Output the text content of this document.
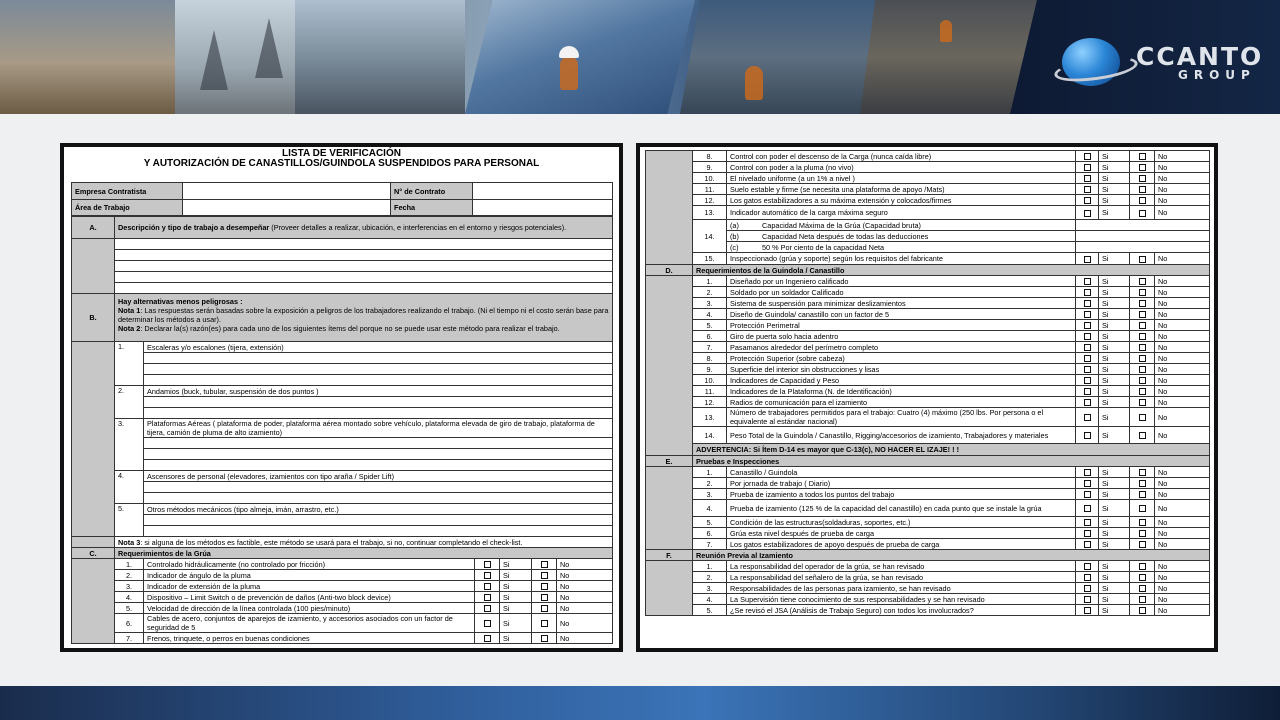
CCANTO
GROUP
LISTA DE VERIFICACIÓN
Y AUTORIZACIÓN DE CANASTILLOS/GUINDOLA SUSPENDIDOS PARA PERSONAL
Empresa Contratista		N° de Contrato	
Área de Trabajo		Fecha	
A.	Descripción y tipo de trabajo a desempeñar (Proveer detalles a realizar, ubicación, e interferencias en el entorno y riesgos potenciales).					

B.	Hay alternativas menos peligrosas :
Nota 1: Las respuestas serán basadas sobre la exposición a peligros de los trabajadores realizando el trabajo. (Ni el tiempo ni el costo serán base para determinar los métodos a usar).
Nota 2: Declarar la(s) razón(es) para cada uno de los siguientes ítems del porque no se puede usar este método para realizar el trabajo.					

	1.	Escaleras y/o escalones (tijera, extensión)				

	2.	Andamios (buck, tubular, suspensión de dos puntos )				

	3.	Plataformas Aéreas ( plataforma de poder, plataforma aérea montado sobre vehículo, plataforma elevada de giro de trabajo, plataforma de tijera, camión de pluma de alto izamiento)				

	4.	Ascensores de personal (elevadores, izamientos con tipo araña / Spider Lift)				

	5.	Otros métodos mecánicos (tipo almeja, imán, arrastro, etc.)				

	Nota 3: si alguna de los métodos es factible, este método se usará para el trabajo, si no, continuar completando el check-list.					
C.	Requerimientos de la Grúa					
	1.	Controlado hidráulicamente (no controlado por fricción)		Si		No
	2.	Indicador de ángulo de la pluma		Si		No
	3.	Indicador de extensión de la pluma		Si		No
	4.	Dispositivo – Limit Switch o de prevención de daños (Anti-two block device)		Si		No
	5.	Velocidad de dirección de la línea controlada (100 pies/minuto)		Si		No
	6.	Cables de acero, conjuntos de aparejos de izamiento, y accesorios asociados con un factor de seguridad de 5		Si		No
	7.	Frenos, trinquete, o perros en buenas condiciones		Si		No
	8.	Control con poder el descenso de la Carga (nunca caída libre)		Si		No
	9.	Control con poder a la pluma (no vivo)		Si		No
	10.	El nivelado uniforme (a un 1% a nivel )		Si		No
	11.	Suelo estable y firme (se necesita una plataforma de apoyo /Mats)		Si		No
	12.	Los gatos estabilizadores a su máxima extensión y colocados/firmes		Si		No
	13.	Indicador automático de la carga máxima seguro		Si		No
	14.	(a) Capacidad Máxima de la Grúa (Capacidad bruta)				
		(b) Capacidad Neta después de todas las deducciones				
		(c) 50 % Por ciento de la capacidad Neta				
	15.	Inspeccionado (grúa y soporte) según los requisitos del fabricante		Si		No
D.	Requerimientos de la Guindola / Canastillo					
	1.	Diseñado por un Ingeniero calificado		Si		No
	2.	Soldado por un soldador Calificado		Si		No
	3.	Sistema de suspensión para minimizar deslizamientos		Si		No
	4.	Diseño de Guindola/ canastillo con un factor de 5		Si		No
	5.	Protección Perimetral		Si		No
	6.	Giro de puerta solo hacia adentro		Si		No
	7.	Pasamanos alrededor del perímetro completo		Si		No
	8.	Protección Superior (sobre cabeza)		Si		No
	9.	Superficie del interior sin obstrucciones y lisas		Si		No
	10.	Indicadores de Capacidad y Peso		Si		No
	11.	Indicadores de la Plataforma (N. de Identificación)		Si		No
	12.	Radios de comunicación para el izamiento		Si		No
	13.	Número de trabajadores permitidos para el trabajo: Cuatro (4) máximo (250 lbs. Por persona o el equivalente al estándar nacional)		Si		No
	14.	Peso Total de la Guindola / Canastillo, Rigging/accesorios de izamiento, Trabajadores y materiales		Si		No
	ADVERTENCIA: Si Ítem D-14 es mayor que C-13(c), NO HACER EL IZAJE! ! !					
E.	Pruebas e Inspecciones					
	1.	Canastillo / Guindola		Si		No
	2.	Por jornada de trabajo ( Diario)		Si		No
	3.	Prueba de izamiento a todos los puntos del trabajo		Si		No
	4.	Prueba de izamiento (125 % de la capacidad del canastillo) en cada punto que se instale la grúa		Si		No
	5.	Condición de las estructuras(soldaduras, soportes, etc.)		Si		No
	6.	Grúa esta nivel después de prueba de carga		Si		No
	7.	Los gatos estabilizadores de apoyo después de prueba de carga		Si		No
F.	Reunión Previa al Izamiento					
	1.	La responsabilidad del operador de la grúa, se han revisado		Si		No
	2.	La responsabilidad del señalero de la grúa, se han revisado		Si		No
	3.	Responsabilidades de las personas para izamiento, se han revisado		Si		No
	4.	La Supervisión tiene conocimiento de sus responsabilidades y se han revisado		Si		No
	5.	¿Se revisó el JSA (Análisis de Trabajo Seguro) con todos los involucrados?		Si		No
